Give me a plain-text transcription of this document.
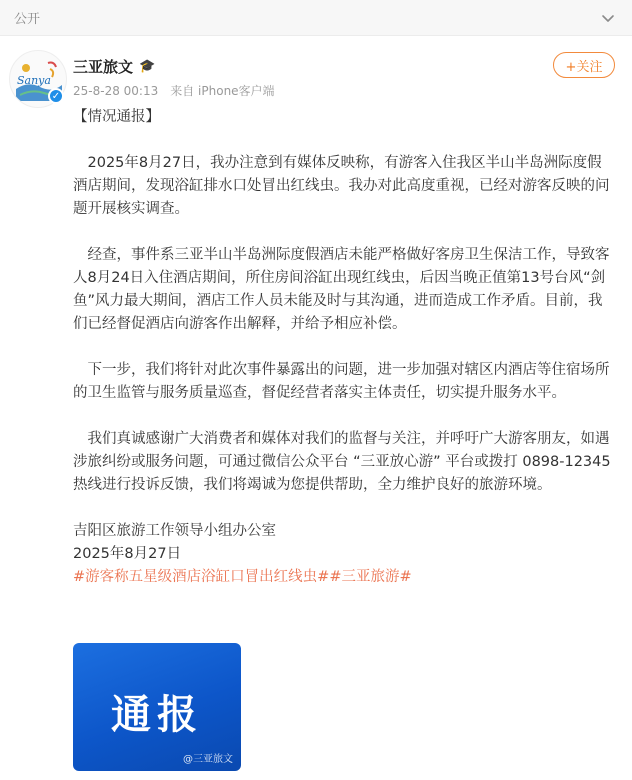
公开
Sanya
✓
三亚旅文 🎓
25-8-28 00:13 来自 iPhone客户端
+关注

【情况通报】

2025年8月27日，我办注意到有媒体反映称，有游客入住我区半山半岛洲际度假酒店期间，发现浴缸排水口处冒出红线虫。我办对此高度重视，已经对游客反映的问题开展核实调查。

经查，事件系三亚半山半岛洲际度假酒店未能严格做好客房卫生保洁工作，导致客人8月24日入住酒店期间，所住房间浴缸出现红线虫，后因当晚正值第13号台风“剑鱼”风力最大期间，酒店工作人员未能及时与其沟通，进而造成工作矛盾。目前，我们已经督促酒店向游客作出解释，并给予相应补偿。

下一步，我们将针对此次事件暴露出的问题，进一步加强对辖区内酒店等住宿场所的卫生监管与服务质量巡查，督促经营者落实主体责任，切实提升服务水平。

我们真诚感谢广大消费者和媒体对我们的监督与关注，并呼吁广大游客朋友，如遇涉旅纠纷或服务问题，可通过微信公众平台 “三亚放心游” 平台或拨打 0898-12345 热线进行投诉反馈，我们将竭诚为您提供帮助，全力维护良好的旅游环境。

吉阳区旅游工作领导小组办公室

2025年8月27日

#游客称五星级酒店浴缸口冒出红线虫##三亚旅游#

通报
@三亚旅文
